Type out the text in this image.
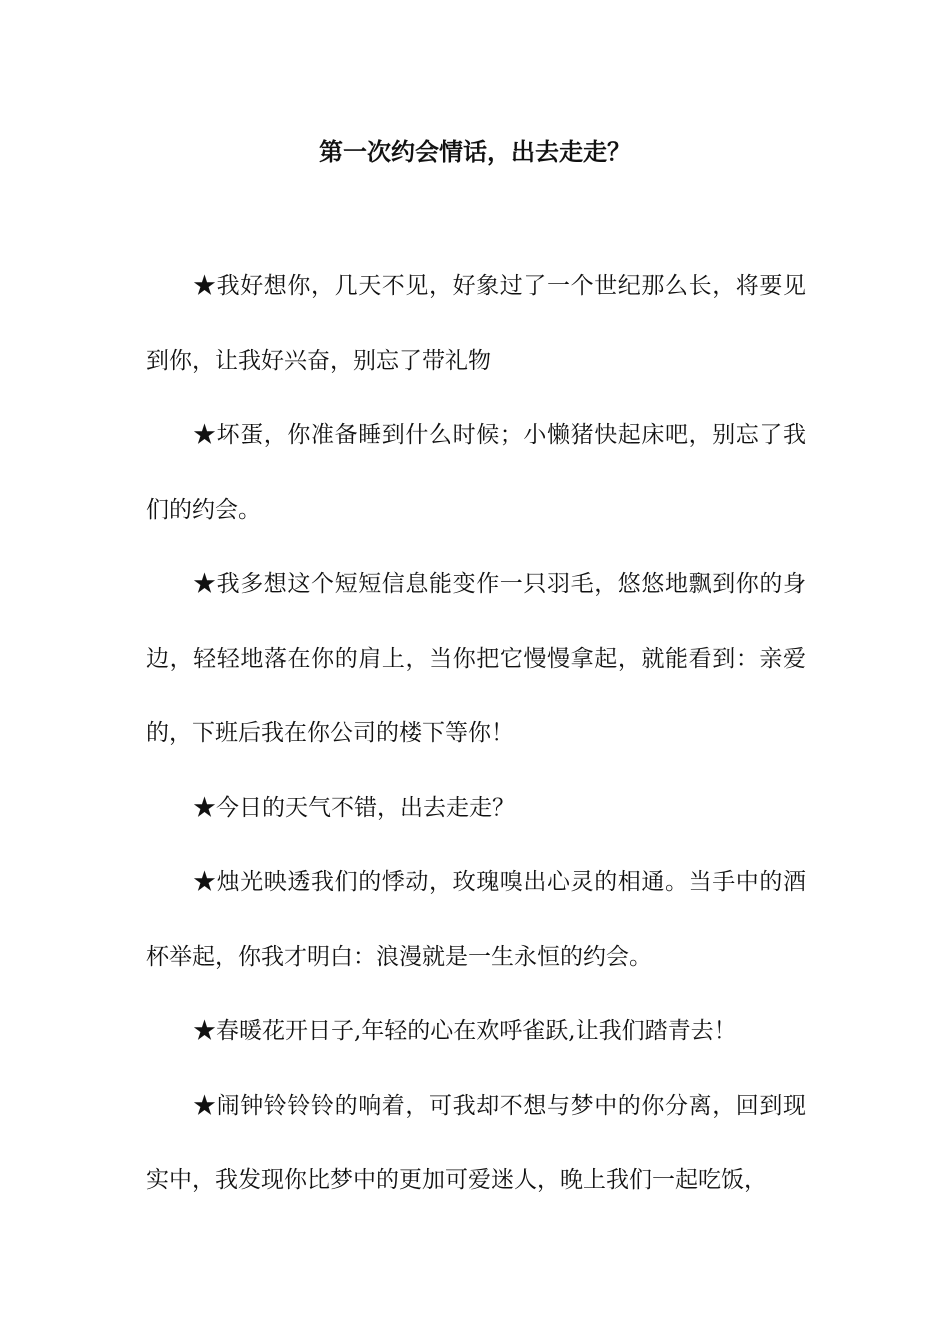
第一次约会情话，出去走走？

★我好想你，几天不见，好象过了一个世纪那么长，将要见到你，让我好兴奋，别忘了带礼物

★坏蛋，你准备睡到什么时候；小懒猪快起床吧，别忘了我们的约会。

★我多想这个短短信息能变作一只羽毛，悠悠地飘到你的身边，轻轻地落在你的肩上，当你把它慢慢拿起，就能看到：亲爱的，下班后我在你公司的楼下等你！

★今日的天气不错，出去走走？

★烛光映透我们的悸动，玫瑰嗅出心灵的相通。当手中的酒杯举起，你我才明白：浪漫就是一生永恒的约会。

★春暖花开日子,年轻的心在欢呼雀跃,让我们踏青去！

★闹钟铃铃铃的响着，可我却不想与梦中的你分离，回到现实中，我发现你比梦中的更加可爱迷人，晚上我们一起吃饭，
